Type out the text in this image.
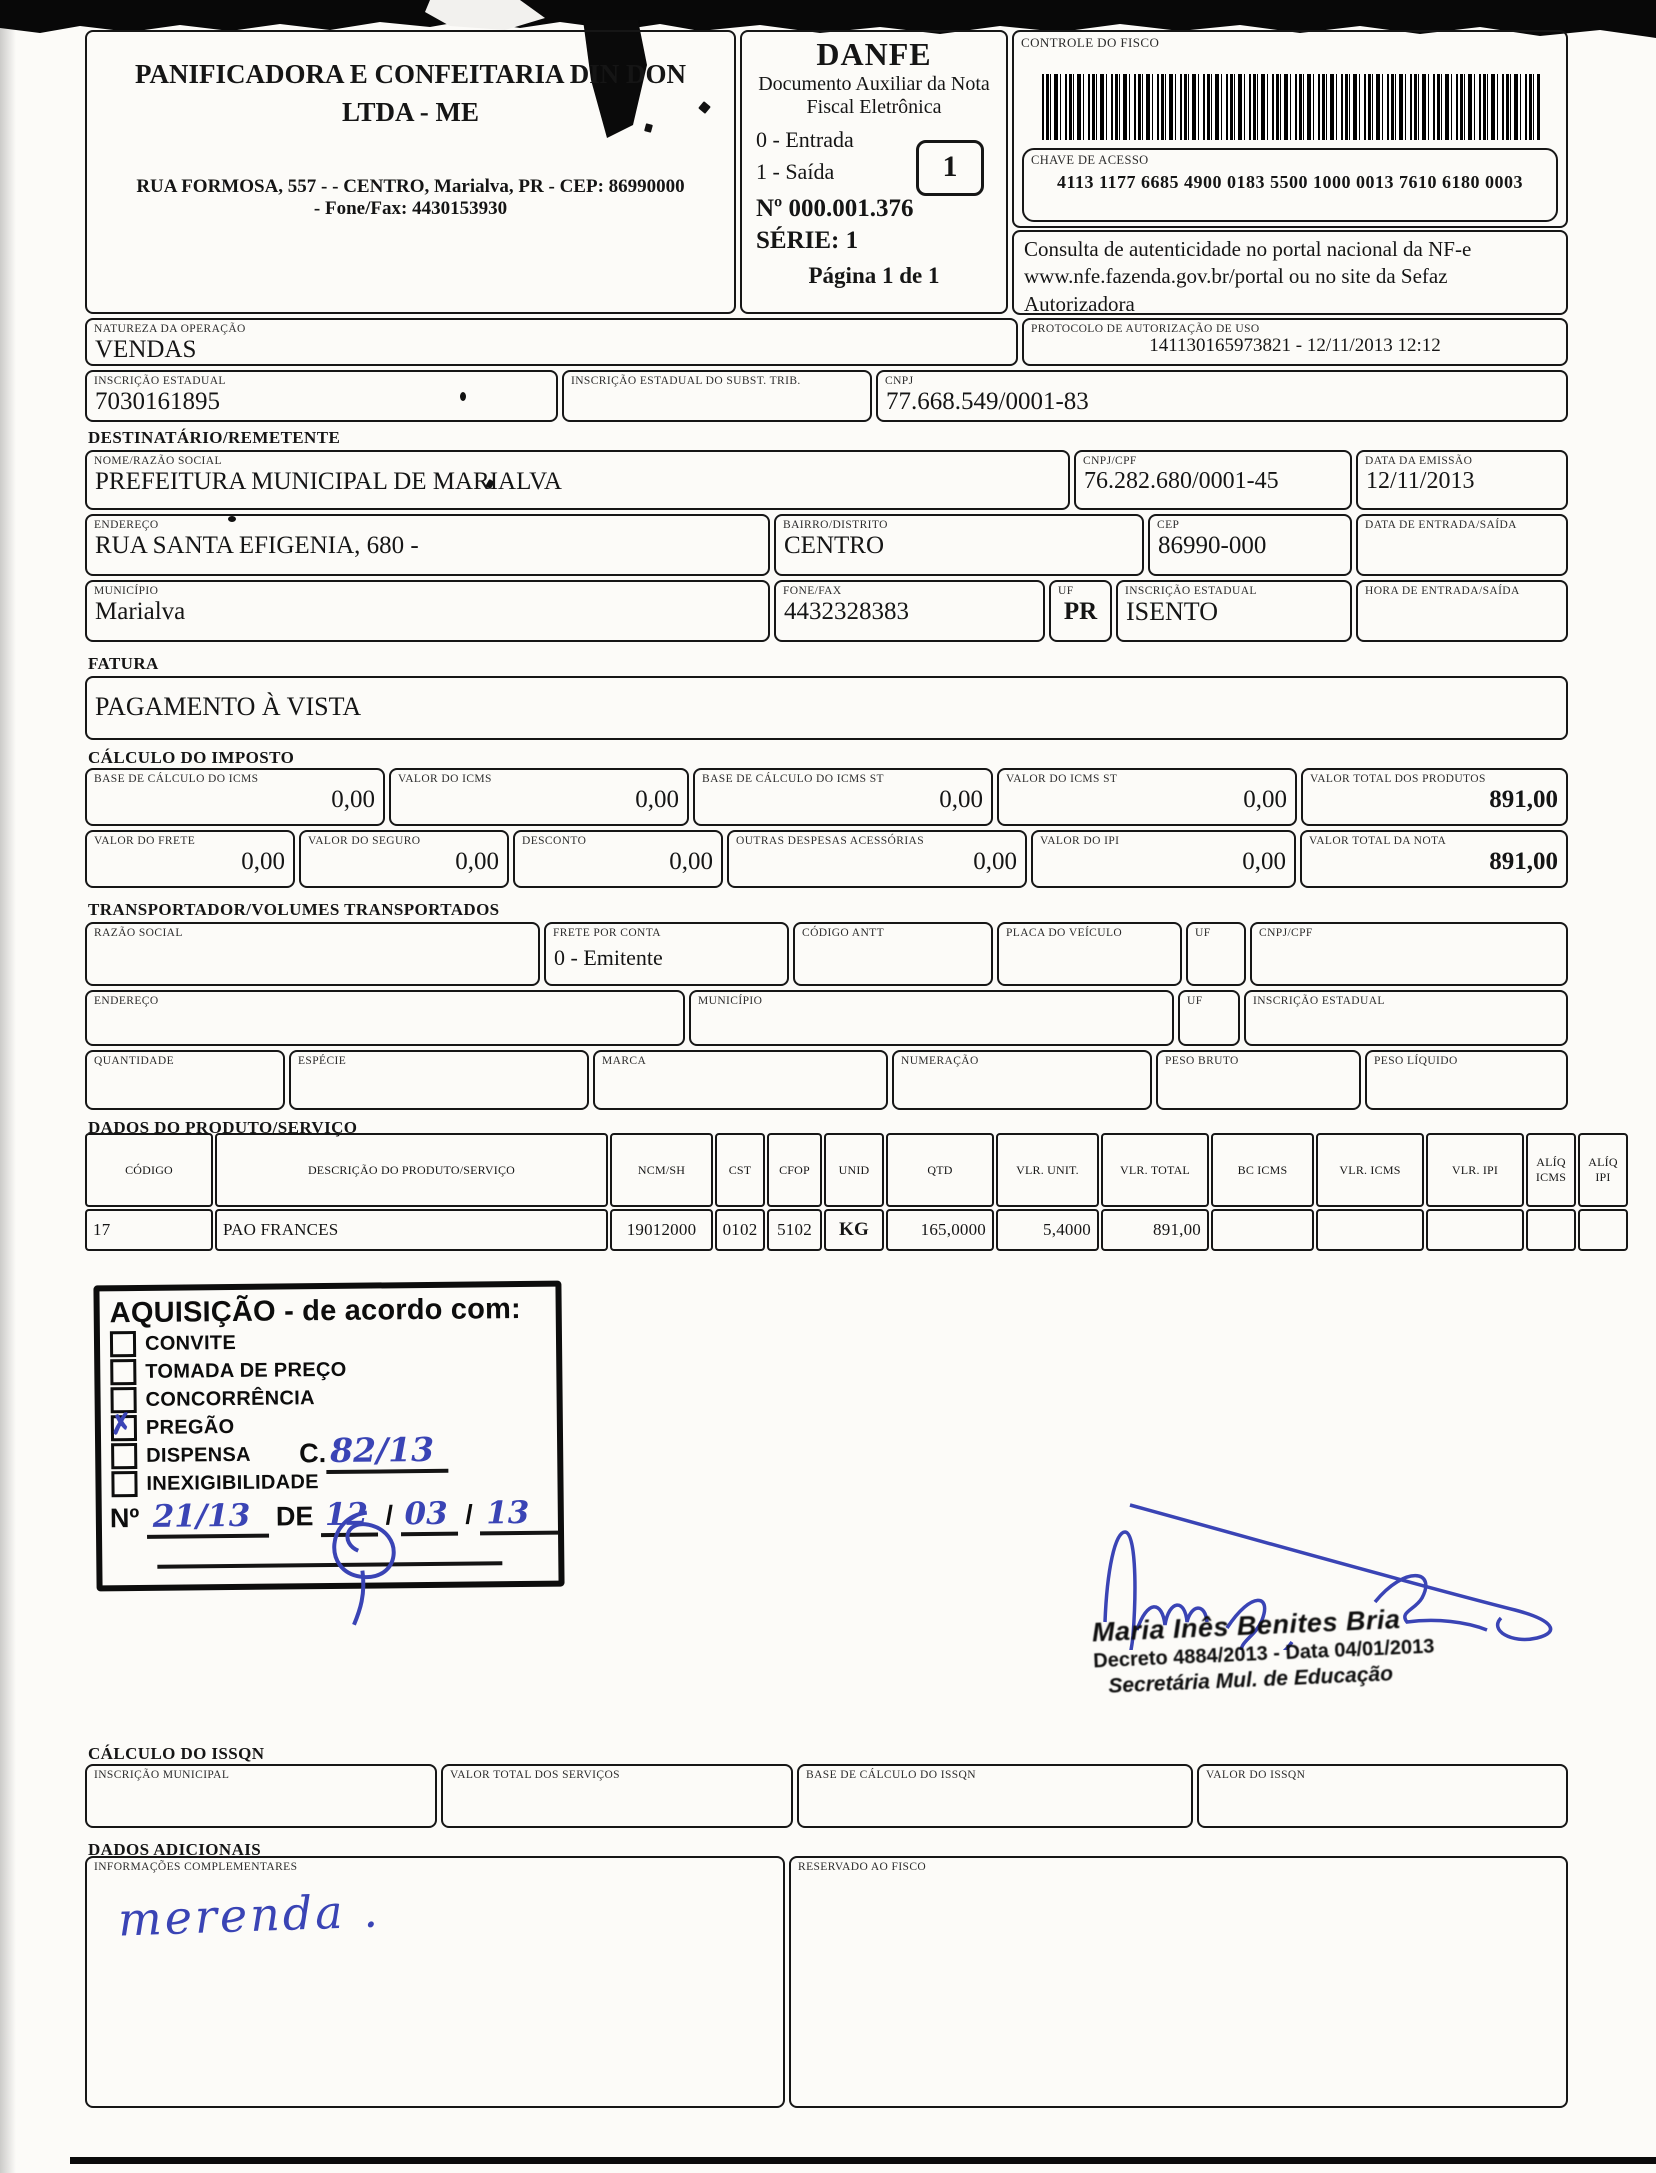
PANIFICADORA E CONFEITARIA DIN DON LTDA - ME
RUA FORMOSA, 557 - - CENTRO, Marialva, PR - CEP: 86990000
- Fone/Fax: 4430153930
DANFE
Documento Auxiliar da Nota Fiscal Eletrônica
0 - Entrada
1 - Saída	1
Nº 000.001.376
SÉRIE: 1
Página 1 de 1
CONTROLE DO FISCO
CHAVE DE ACESSO
4113 1177 6685 4900 0183 5500 1000 0013 7610 6180 0003
Consulta de autenticidade no portal nacional da NF-e www.nfe.fazenda.gov.br/portal ou no site da Sefaz Autorizadora
NATUREZA DA OPERAÇÃO
VENDAS
PROTOCOLO DE AUTORIZAÇÃO DE USO
141130165973821 - 12/11/2013 12:12
INSCRIÇÃO ESTADUAL
7030161895
INSCRIÇÃO ESTADUAL DO SUBST. TRIB.	CNPJ
77.668.549/0001-83
DESTINATÁRIO/REMETENTE
NOME/RAZÃO SOCIAL
PREFEITURA MUNICIPAL DE MARIALVA
CNPJ/CPF
76.282.680/0001-45
DATA DA EMISSÃO
12/11/2013
ENDEREÇO
RUA SANTA EFIGENIA, 680 -
BAIRRO/DISTRITO
CENTRO
CEP
86990-000
DATA DE ENTRADA/SAÍDA
MUNICÍPIO
Marialva
FONE/FAX
4432328383
UF
PR
INSCRIÇÃO ESTADUAL
ISENTO
HORA DE ENTRADA/SAÍDA
FATURA
PAGAMENTO À VISTA
CÁLCULO DO IMPOSTO
BASE DE CÁLCULO DO ICMS
0,00
VALOR DO ICMS
0,00
BASE DE CÁLCULO DO ICMS ST
0,00
VALOR DO ICMS ST
0,00
VALOR TOTAL DOS PRODUTOS
891,00
VALOR DO FRETE
0,00
VALOR DO SEGURO
0,00
DESCONTO
0,00
OUTRAS DESPESAS ACESSÓRIAS
0,00
VALOR DO IPI
0,00
VALOR TOTAL DA NOTA
891,00
TRANSPORTADOR/VOLUMES TRANSPORTADOS
RAZÃO SOCIAL	FRETE POR CONTA
0 - Emitente
CÓDIGO ANTT	PLACA DO VEÍCULO	UF	CNPJ/CPF
ENDEREÇO	MUNICÍPIO	UF	INSCRIÇÃO ESTADUAL
QUANTIDADE	ESPÉCIE	MARCA	NUMERAÇÃO	PESO BRUTO	PESO LÍQUIDO
DADOS DO PRODUTO/SERVIÇO
CÓDIGO	DESCRIÇÃO DO PRODUTO/SERVIÇO	NCM/SH	CST	CFOP	UNID	QTD	VLR. UNIT.	VLR. TOTAL	BC ICMS	VLR. ICMS	VLR. IPI
ALÍQ ICMS
ALÍQ IPI
17	PAO FRANCES	19012000	0102	5102	KG	165,0000	5,4000	891,00
AQUISIÇÃO - de acordo com:
CONVITE
TOMADA DE PREÇO
CONCORRÊNCIA
✗ PREGÃO
DISPENSA
INEXIGIBILIDADE
C. 82/13
Nº 21/13 DE 12 / 03 / 13
Maria Inês Benites Bria
Decreto 4884/2013 - Data 04/01/2013
Secretária Mul. de Educação
CÁLCULO DO ISSQN
INSCRIÇÃO MUNICIPAL	VALOR TOTAL DOS SERVIÇOS	BASE DE CÁLCULO DO ISSQN	VALOR DO ISSQN
DADOS ADICIONAIS
INFORMAÇÕES COMPLEMENTARES
merenda .
RESERVADO AO FISCO
